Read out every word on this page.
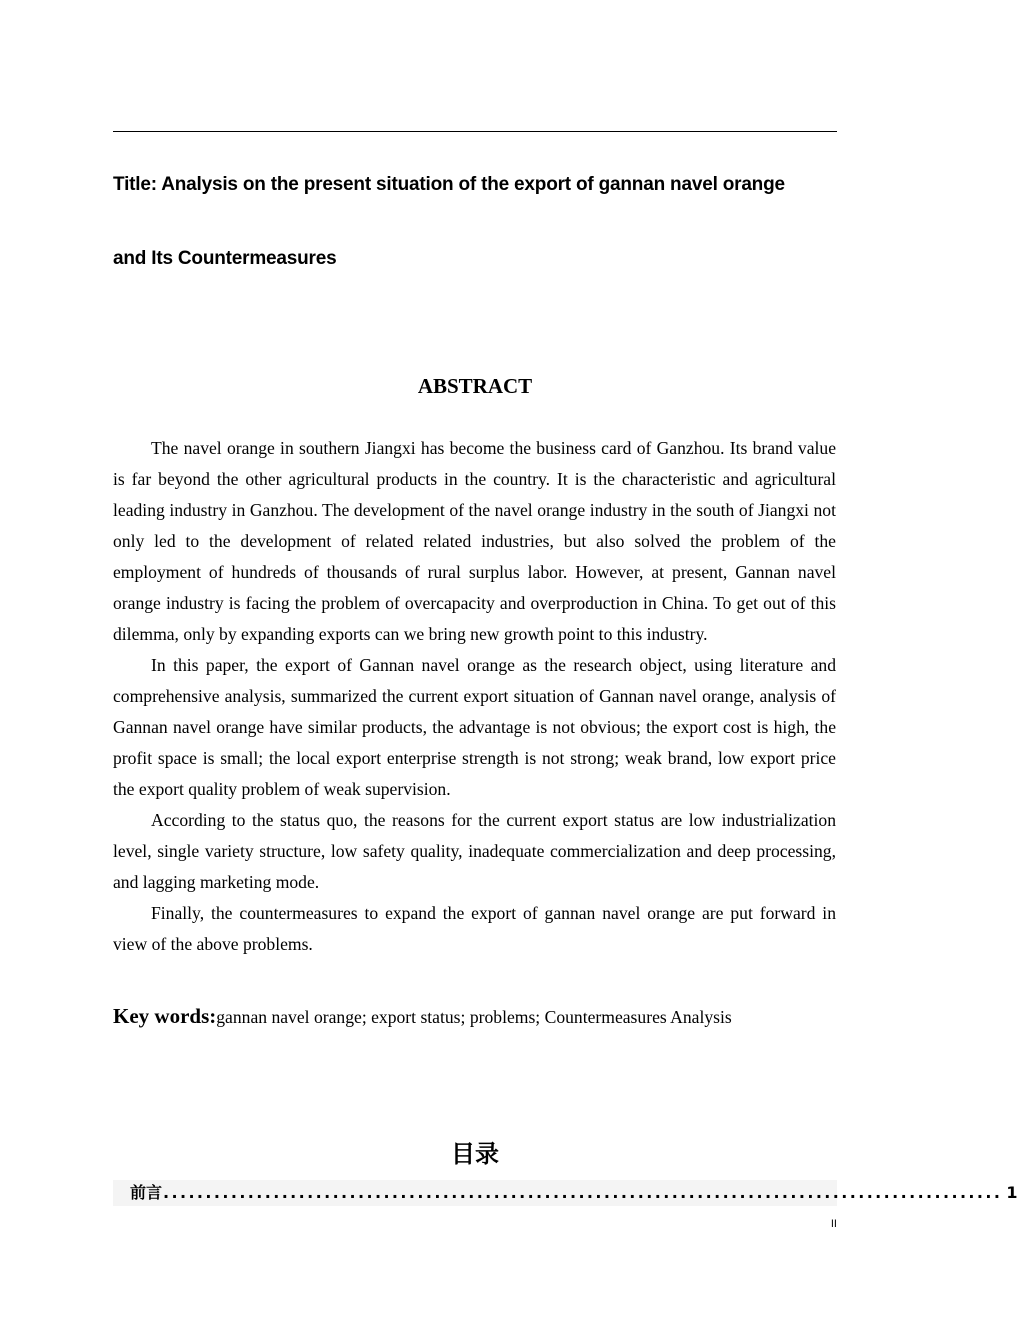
Title: Analysis on the present situation of the export of gannan navel orange
and Its Countermeasures
ABSTRACT

The navel orange in southern Jiangxi has become the business card of Ganzhou. Its brand value is far beyond the other agricultural products in the country. It is the characteristic and agricultural leading industry in Ganzhou. The development of the navel orange industry in the south of Jiangxi not only led to the development of related related industries, but also solved the problem of the employment of hundreds of thousands of rural surplus labor. However, at present, Gannan navel orange industry is facing the problem of overcapacity and overproduction in China. To get out of this dilemma, only by expanding exports can we bring new growth point to this industry.

In this paper, the export of Gannan navel orange as the research object, using literature and comprehensive analysis, summarized the current export situation of Gannan navel orange, analysis of Gannan navel orange have similar products, the advantage is not obvious; the export cost is high, the profit space is small; the local export enterprise strength is not strong; weak brand, low export price the export quality problem of weak supervision.

According to the status quo, the reasons for the current export status are low industrialization level, single variety structure, low safety quality, inadequate commercialization and deep processing, and lagging marketing mode.

Finally, the countermeasures to expand the export of gannan navel orange are put forward in view of the above problems.

Key words:gannan navel orange; export status; problems; Countermeasures Analysis
目录
前言 ................................................................................................... 1
II
